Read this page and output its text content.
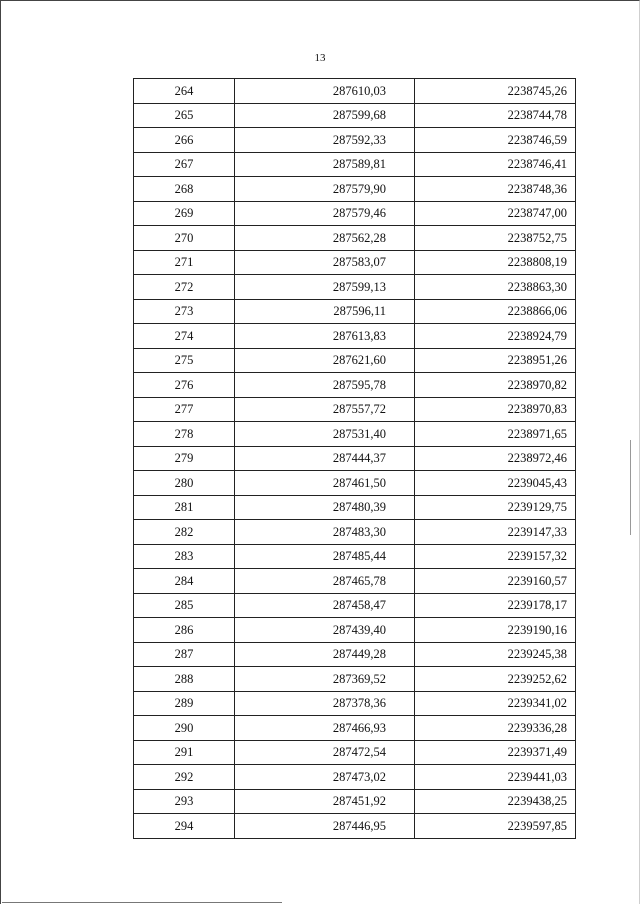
13
264	287610,03	2238745,26
265	287599,68	2238744,78
266	287592,33	2238746,59
267	287589,81	2238746,41
268	287579,90	2238748,36
269	287579,46	2238747,00
270	287562,28	2238752,75
271	287583,07	2238808,19
272	287599,13	2238863,30
273	287596,11	2238866,06
274	287613,83	2238924,79
275	287621,60	2238951,26
276	287595,78	2238970,82
277	287557,72	2238970,83
278	287531,40	2238971,65
279	287444,37	2238972,46
280	287461,50	2239045,43
281	287480,39	2239129,75
282	287483,30	2239147,33
283	287485,44	2239157,32
284	287465,78	2239160,57
285	287458,47	2239178,17
286	287439,40	2239190,16
287	287449,28	2239245,38
288	287369,52	2239252,62
289	287378,36	2239341,02
290	287466,93	2239336,28
291	287472,54	2239371,49
292	287473,02	2239441,03
293	287451,92	2239438,25
294	287446,95	2239597,85
